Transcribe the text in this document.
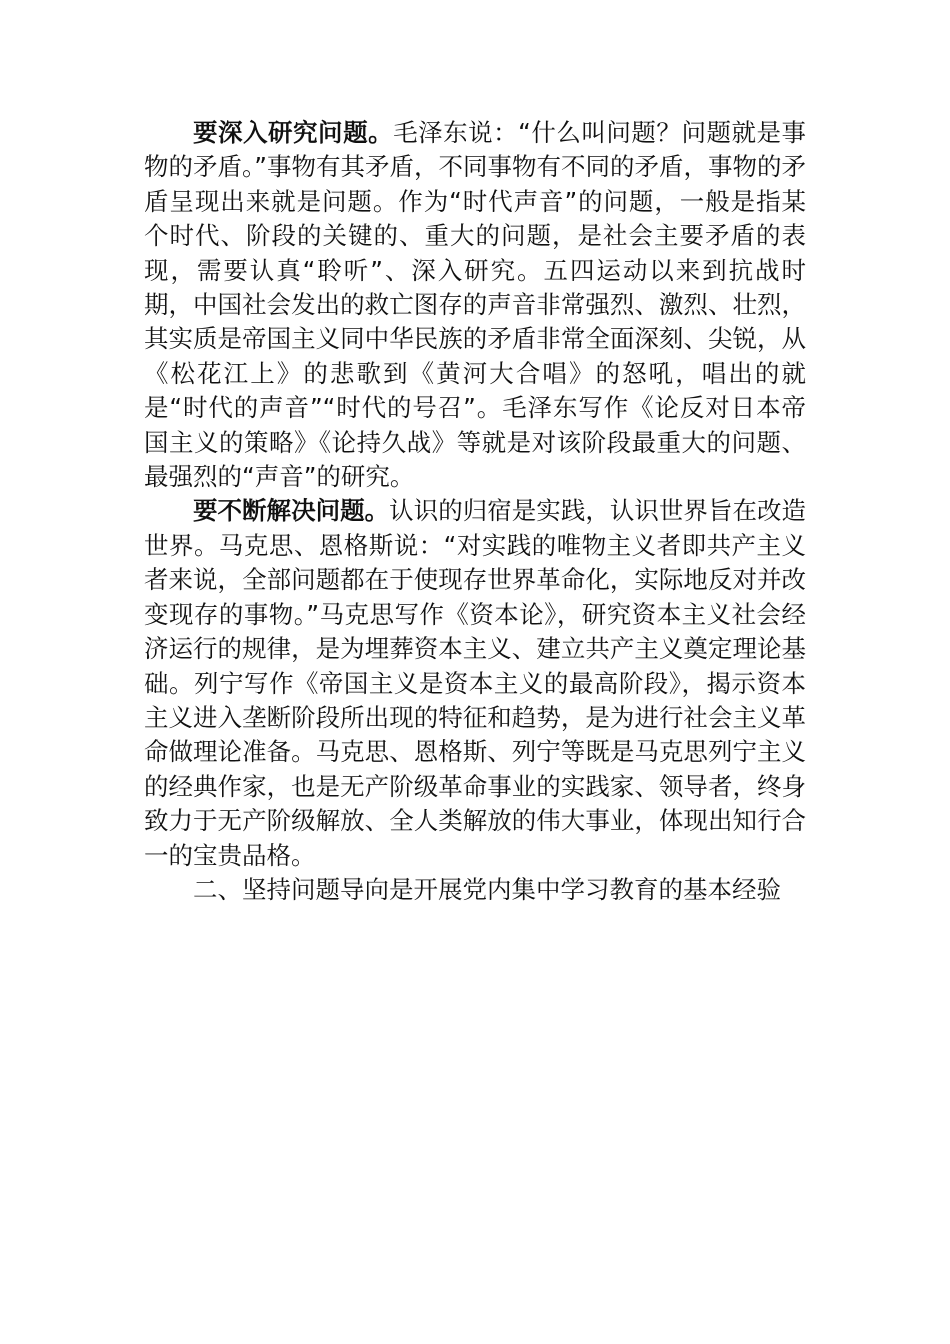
要深入研究问题。毛泽东说：“什么叫问题？问题就是事物的矛盾。”事物有其矛盾，不同事物有不同的矛盾，事物的矛盾呈现出来就是问题。作为“时代声音”的问题，一般是指某个时代、阶段的关键的、重大的问题，是社会主要矛盾的表现，需要认真“聆听”、深入研究。五四运动以来到抗战时期，中国社会发出的救亡图存的声音非常强烈、激烈、壮烈，其实质是帝国主义同中华民族的矛盾非常全面深刻、尖锐，从《松花江上》的悲歌到《黄河大合唱》的怒吼，唱出的就是“时代的声音”“时代的号召”。毛泽东写作《论反对日本帝国主义的策略》《论持久战》等就是对该阶段最重大的问题、最强烈的“声音”的研究。

要不断解决问题。认识的归宿是实践，认识世界旨在改造世界。马克思、恩格斯说：“对实践的唯物主义者即共产主义者来说，全部问题都在于使现存世界革命化，实际地反对并改变现存的事物。”马克思写作《资本论》，研究资本主义社会经济运行的规律，是为埋葬资本主义、建立共产主义奠定理论基础。列宁写作《帝国主义是资本主义的最高阶段》，揭示资本主义进入垄断阶段所出现的特征和趋势，是为进行社会主义革命做理论准备。马克思、恩格斯、列宁等既是马克思列宁主义的经典作家，也是无产阶级革命事业的实践家、领导者，终身致力于无产阶级解放、全人类解放的伟大事业，体现出知行合一的宝贵品格。

二、坚持问题导向是开展党内集中学习教育的基本经验
